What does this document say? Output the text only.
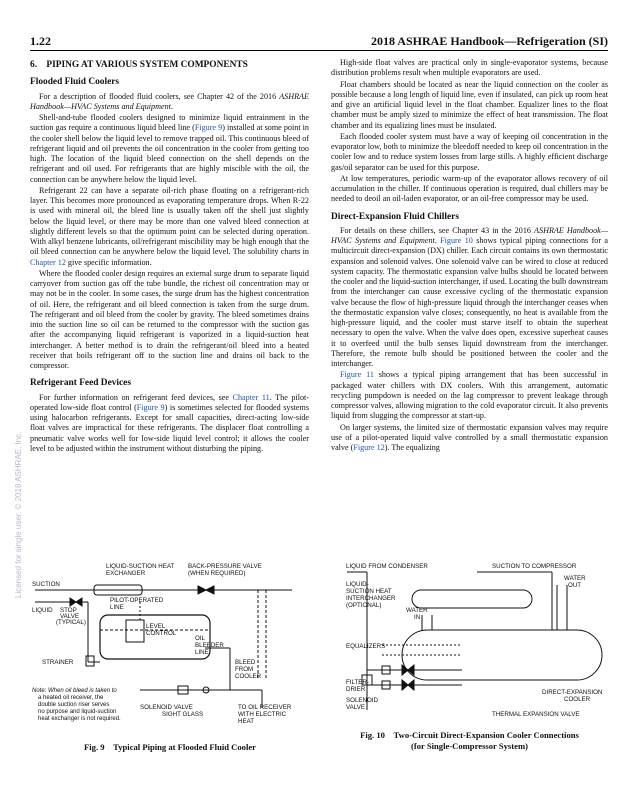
1.22	2018 ASHRAE Handbook—Refrigeration (SI)
Licensed for single user. © 2018 ASHRAE, Inc.
6. PIPING AT VARIOUS SYSTEM COMPONENTS
Flooded Fluid Coolers

For a description of flooded fluid coolers, see Chapter 42 of the 2016 ASHRAE Handbook—HVAC Systems and Equipment.

Shell-and-tube flooded coolers designed to minimize liquid entrainment in the suction gas require a continuous liquid bleed line (Figure 9) installed at some point in the cooler shell below the liquid level to remove trapped oil. This continuous bleed of refrigerant liquid and oil prevents the oil concentration in the cooler from getting too high. The location of the liquid bleed connection on the shell depends on the refrigerant and oil used. For refrigerants that are highly miscible with the oil, the connection can be anywhere below the liquid level.

Refrigerant 22 can have a separate oil-rich phase floating on a refrigerant-rich layer. This becomes more pronounced as evaporating temperature drops. When R-22 is used with mineral oil, the bleed line is usually taken off the shell just slightly below the liquid level, or there may be more than one valved bleed connection at slightly different levels so that the optimum point can be selected during operation. With alkyl benzene lubricants, oil/refrigerant miscibility may be high enough that the oil bleed connection can be anywhere below the liquid level. The solubility charts in Chapter 12 give specific information.

Where the flooded cooler design requires an external surge drum to separate liquid carryover from suction gas off the tube bundle, the richest oil concentration may or may not be in the cooler. In some cases, the surge drum has the highest concentration of oil. Here, the refrigerant and oil bleed connection is taken from the surge drum. The refrigerant and oil bleed from the cooler by gravity. The bleed sometimes drains into the suction line so oil can be returned to the compressor with the suction gas after the accompanying liquid refrigerant is vaporized in a liquid-suction heat interchanger. A better method is to drain the refrigerant/oil bleed into a heated receiver that boils refrigerant off to the suction line and drains oil back to the compressor.

Refrigerant Feed Devices

For further information on refrigerant feed devices, see Chapter 11. The pilot-operated low-side float control (Figure 9) is sometimes selected for flooded systems using halocarbon refrigerants. Except for small capacities, direct-acting low-side float valves are impractical for these refrigerants. The displacer float controlling a pneumatic valve works well for low-side liquid level control; it allows the cooler level to be adjusted within the instrument without disturbing the piping.

High-side float valves are practical only in single-evaporator systems, because distribution problems result when multiple evaporators are used.

Float chambers should be located as near the liquid connection on the cooler as possible because a long length of liquid line, even if insulated, can pick up room heat and give an artificial liquid level in the float chamber. Equalizer lines to the float chamber must be amply sized to minimize the effect of heat transmission. The float chamber and its equalizing lines must be insulated.

Each flooded cooler system must have a way of keeping oil concentration in the evaporator low, both to minimize the bleedoff needed to keep oil concentration in the cooler low and to reduce system losses from large stills. A highly efficient discharge gas/oil separator can be used for this purpose.

At low temperatures, periodic warm-up of the evaporator allows recovery of oil accumulation in the chiller. If continuous operation is required, dual chillers may be needed to deoil an oil-laden evaporator, or an oil-free compressor may be used.

Direct-Expansion Fluid Chillers

For details on these chillers, see Chapter 43 in the 2016 ASHRAE Handbook—HVAC Systems and Equipment. Figure 10 shows typical piping connections for a multicircuit direct-expansion (DX) chiller. Each circuit contains its own thermostatic expansion and solenoid valves. One solenoid valve can be wired to close at reduced system capacity. The thermostatic expansion valve bulbs should be located between the cooler and the liquid-suction interchanger, if used. Locating the bulb downstream from the interchanger can cause excessive cycling of the thermostatic expansion valve because the flow of high-pressure liquid through the interchanger ceases when the thermostatic expansion valve closes; consequently, no heat is available from the high-pressure liquid, and the cooler must starve itself to obtain the superheat necessary to open the valve. When the valve does open, excessive superheat causes it to overfeed until the bulb senses liquid downstream from the interchanger. Therefore, the remote bulb should be positioned between the cooler and the interchanger.

Figure 11 shows a typical piping arrangement that has been successful in packaged water chillers with DX coolers. With this arrangement, automatic recycling pumpdown is needed on the lag compressor to prevent leakage through compressor valves, allowing migration to the cold evaporator circuit. It also prevents liquid from slugging the compressor at start-up.

On larger systems, the limited size of thermostatic expansion valves may require use of a pilot-operated liquid valve controlled by a small thermostatic expansion valve (Figure 12). The equalizing

LIQUID-SUCTION HEAT
EXCHANGER
BACK-PRESSURE VALVE
(WHEN REQUIRED)
SUCTION
LIQUID STOP
VALVE
(TYPICAL)
PILOT-OPERATED
LINE
LEVEL
CONTROL
OIL
BLEEDER
LINE
BLEED
FROM
COOLER
STRAINER
SOLENOID VALVE
SIGHT GLASS
TO OIL RECEIVER
WITH ELECTRIC
HEAT
Note: When oil bleed is taken to
a heated oil receiver, the
double suction riser serves
no purpose and liquid-suction
heat exchanger is not required.
Fig. 9 Typical Piping at Flooded Fluid Cooler
LIQUID FROM CONDENSER	SUCTION TO COMPRESSOR
LIQUID-
SUCTION HEAT
INTERCHANGER
(OPTIONAL)
WATER
OUT
WATER
IN
EQUALIZERS
FILTER-
DRIER
SOLENOID
VALVE
DIRECT-EXPANSION
COOLER
THERMAL EXPANSION VALVE
Fig. 10 Two-Circuit Direct-Expansion Cooler Connections
(for Single-Compressor System)
